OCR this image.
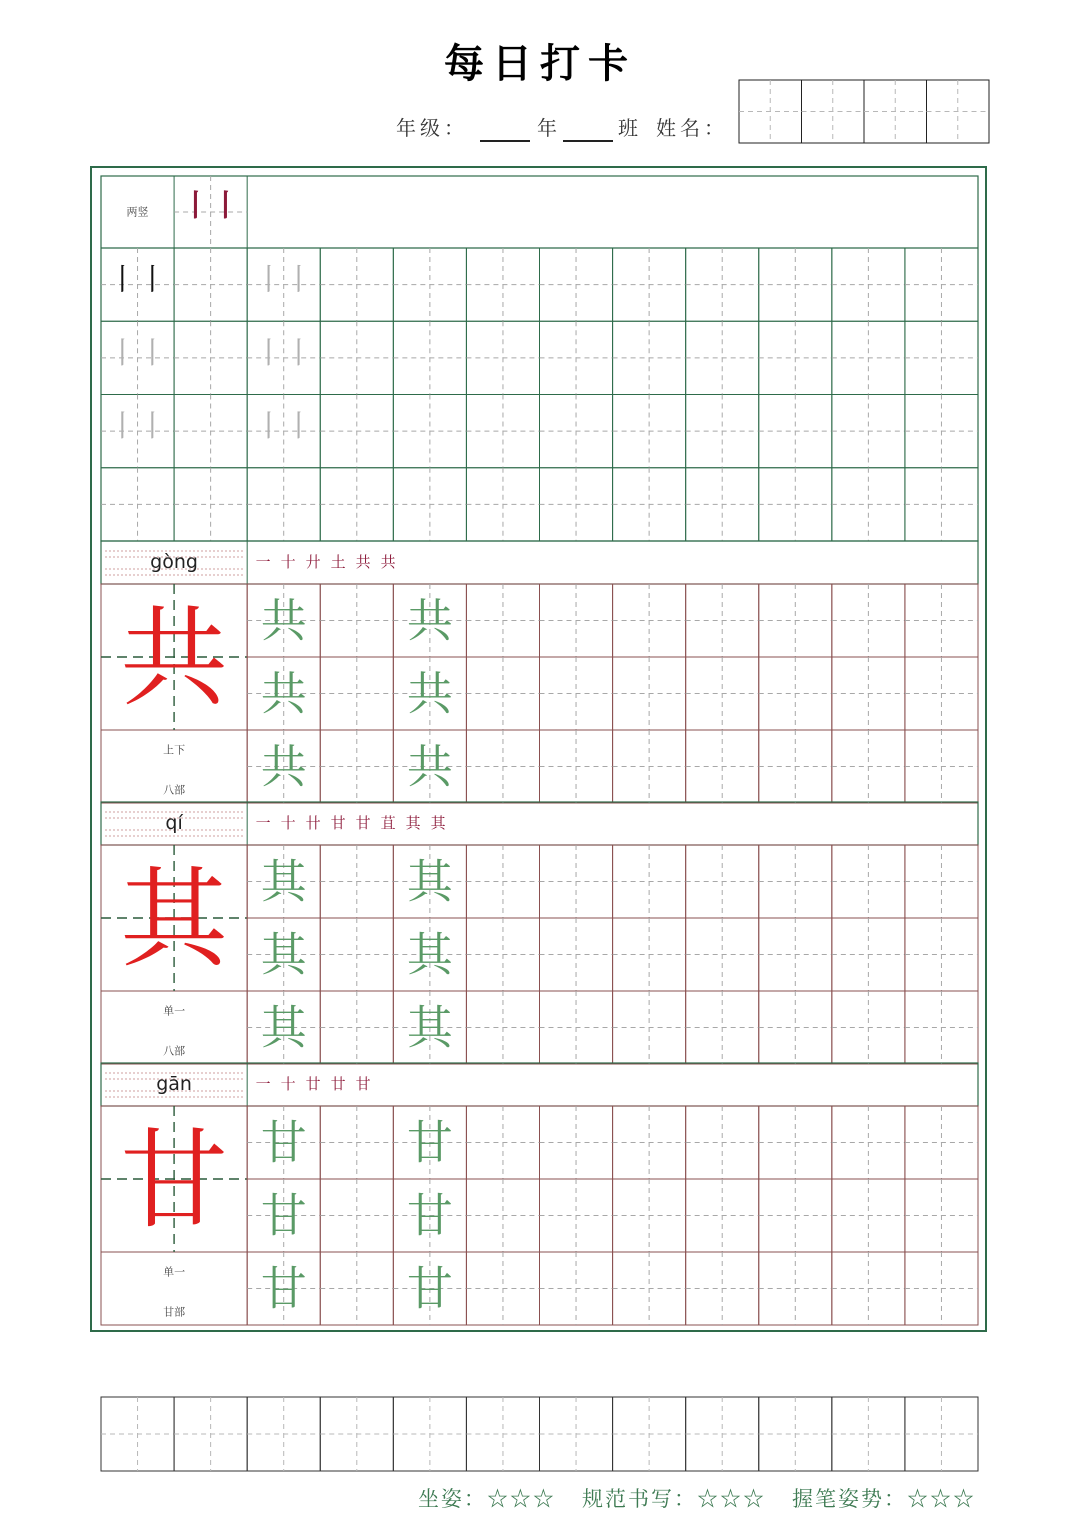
每日打卡
年级：	年	班 姓名：
两竖 丨丨
丨丨	丨丨
丨丨	丨丨
丨丨	丨丨
gòng	一 十 廾 土 共 共
共
上下
八部
共 共
共 共
共 共
qí	一 十 卄 甘 甘 苴 其 其
其
单一
八部
其 其
其 其
其 其
gān	一 十 廿 廿 甘
甘
单一
甘部
甘 甘
甘 甘
甘 甘
坐姿：☆☆☆ 规范书写：☆☆☆ 握笔姿势：☆☆☆
